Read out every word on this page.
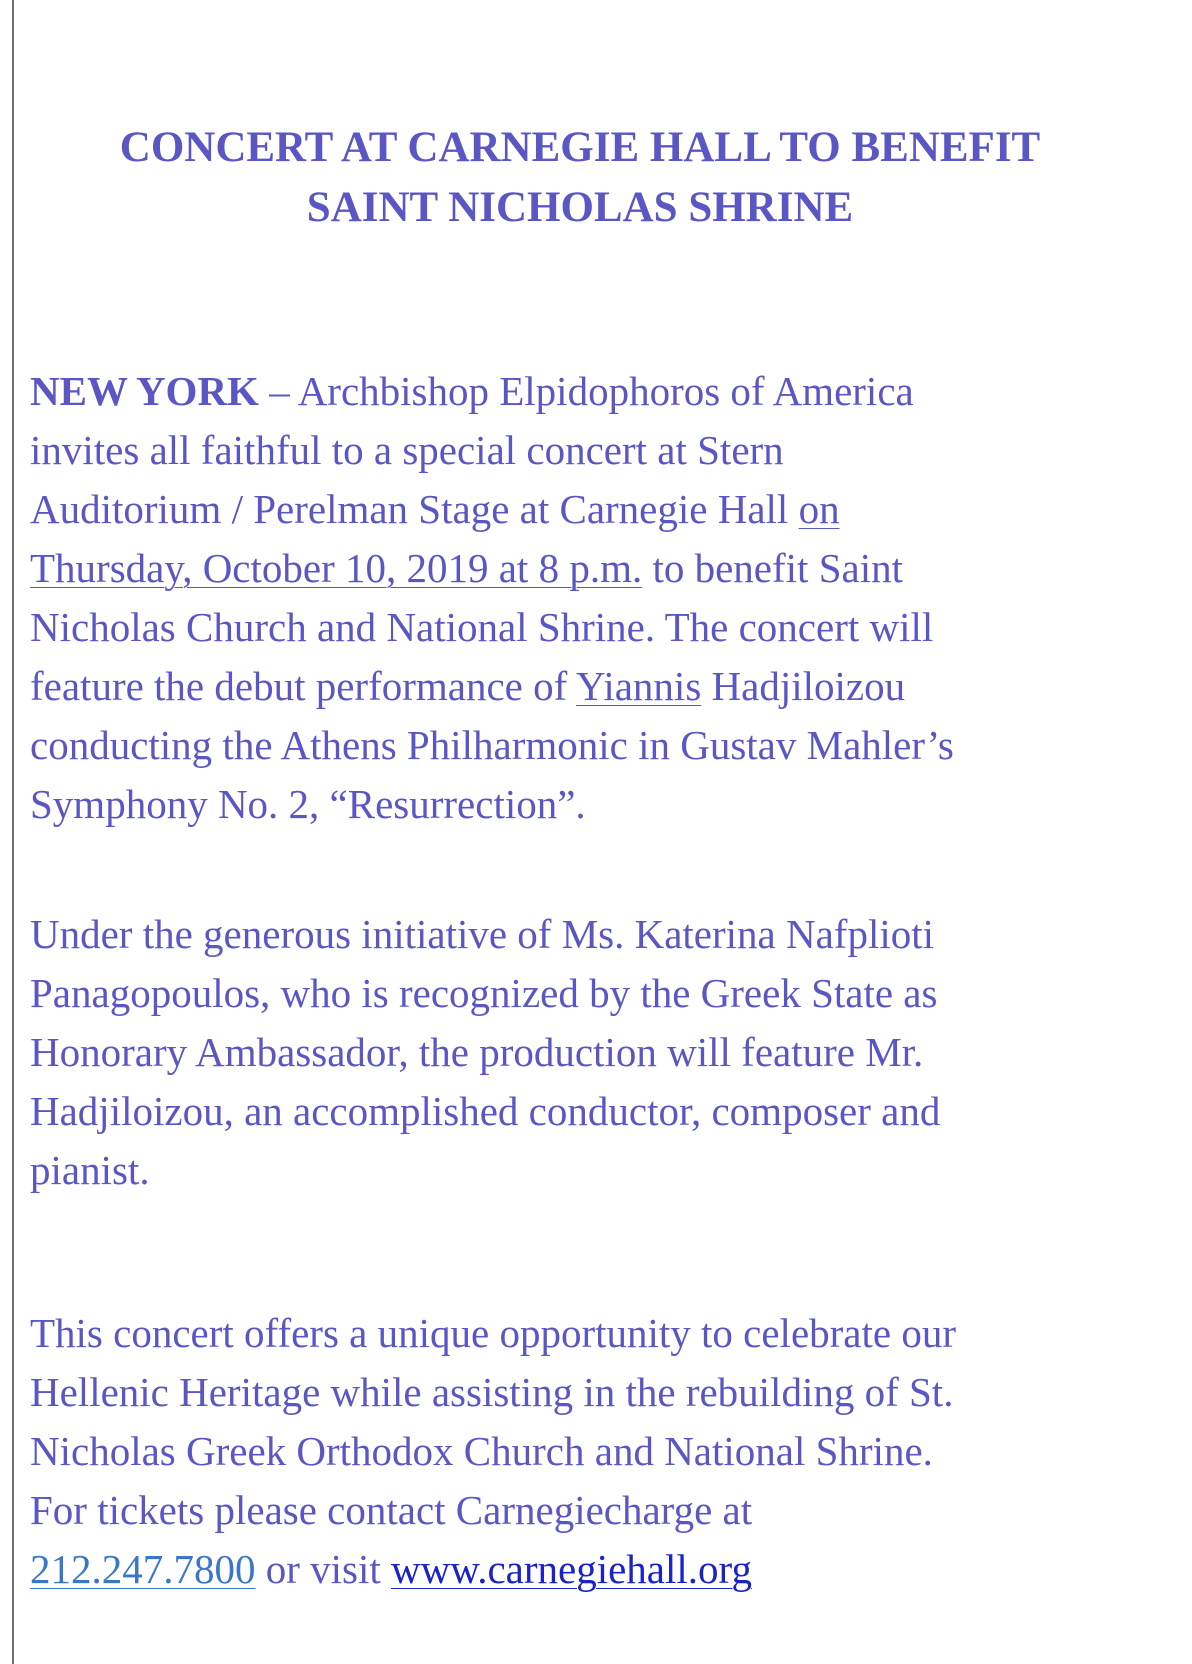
CONCERT AT CARNEGIE HALL TO BENEFIT
SAINT NICHOLAS SHRINE
NEW YORK – Archbishop Elpidophoros of America
invites all faithful to a special concert at Stern
Auditorium / Perelman Stage at Carnegie Hall on
Thursday, October 10, 2019 at 8 p.m. to benefit Saint
Nicholas Church and National Shrine. The concert will
feature the debut performance of Yiannis Hadjiloizou
conducting the Athens Philharmonic in Gustav Mahler’s
Symphony No. 2, “Resurrection”.
Under the generous initiative of Ms. Katerina Nafplioti
Panagopoulos, who is recognized by the Greek State as
Honorary Ambassador, the production will feature Mr.
Hadjiloizou, an accomplished conductor, composer and
pianist.
This concert offers a unique opportunity to celebrate our
Hellenic Heritage while assisting in the rebuilding of St.
Nicholas Greek Orthodox Church and National Shrine.
For tickets please contact Carnegiecharge at
212.247.7800 or visit www.carnegiehall.org
